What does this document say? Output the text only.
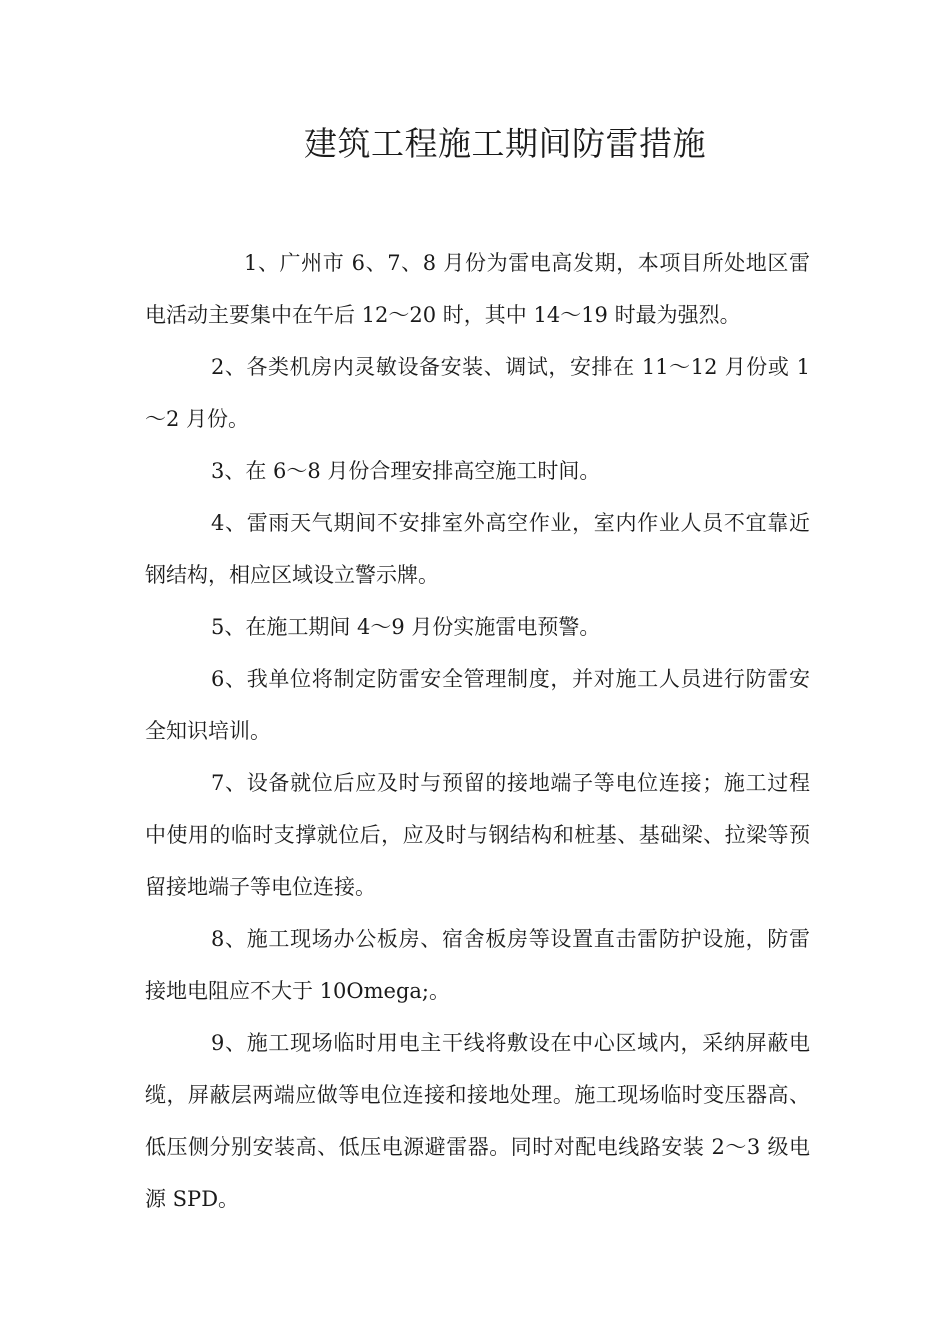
建筑工程施工期间防雷措施

1、广州市 6、7、8 月份为雷电高发期，本项目所处地区雷电活动主要集中在午后 12～20 时，其中 14～19 时最为强烈。

2、各类机房内灵敏设备安装、调试，安排在 11～12 月份或 1～2 月份。

3、在 6～8 月份合理安排高空施工时间。

4、雷雨天气期间不安排室外高空作业，室内作业人员不宜靠近钢结构，相应区域设立警示牌。

5、在施工期间 4～9 月份实施雷电预警。

6、我单位将制定防雷安全管理制度，并对施工人员进行防雷安全知识培训。

7、设备就位后应及时与预留的接地端子等电位连接；施工过程中使用的临时支撑就位后，应及时与钢结构和桩基、基础梁、拉梁等预留接地端子等电位连接。

8、施工现场办公板房、宿舍板房等设置直击雷防护设施，防雷接地电阻应不大于 10Omega;。

9、施工现场临时用电主干线将敷设在中心区域内，采纳屏蔽电缆，屏蔽层两端应做等电位连接和接地处理。施工现场临时变压器高、低压侧分别安装高、低压电源避雷器。同时对配电线路安装 2～3 级电源 SPD。
